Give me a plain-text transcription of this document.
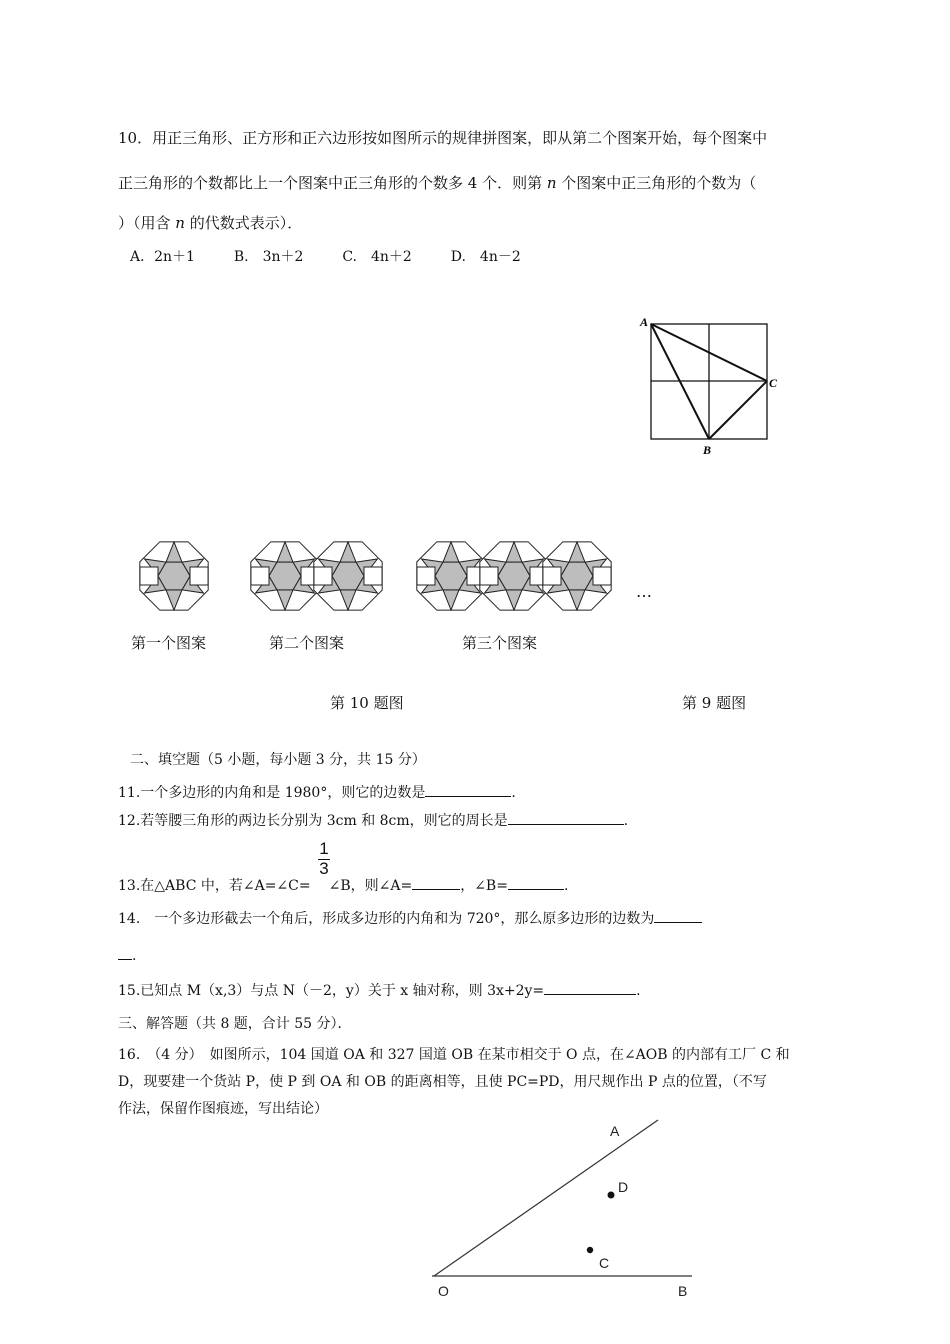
10．用正三角形、正方形和正六边形按如图所示的规律拼图案，即从第二个图案开始，每个图案中
正三角形的个数都比上一个图案中正三角形的个数多 4 个．则第 n 个图案中正三角形的个数为（
）（用含 n 的代数式表示）．
A．2n＋1	B.　3n＋2	C.　4n＋2	D.　4n－2
A
C
B
…
第一个图案	第二个图案	第三个图案
第 10 题图	第 9 题图
二、填空题（5 小题，每小题 3 分，共 15 分）
11.一个多边形的内角和是 1980°，则它的边数是	.
12.若等腰三角形的两边长分别为 3cm 和 8cm，则它的周长是	.
1
3
13.在△ABC 中，若∠A=∠C= ∠B，则∠A=	，∠B=	.
14.　一个多边形截去一个角后，形成多边形的内角和为 720°，那么原多边形的边数为
.
15.已知点 M（x,3）与点 N（－2，y）关于 x 轴对称，则 3x+2y=	.
三、解答题（共 8 题，合计 55 分）．
16.　（4 分）　如图所示，104 国道 OA 和 327 国道 OB 在某市相交于 O 点，在∠AOB 的内部有工厂 C 和
D，现要建一个货站 P，使 P 到 OA 和 OB 的距离相等，且使 PC=PD，用尺规作出 P 点的位置，（不写
作法，保留作图痕迹，写出结论）
A
D
C
O	B
